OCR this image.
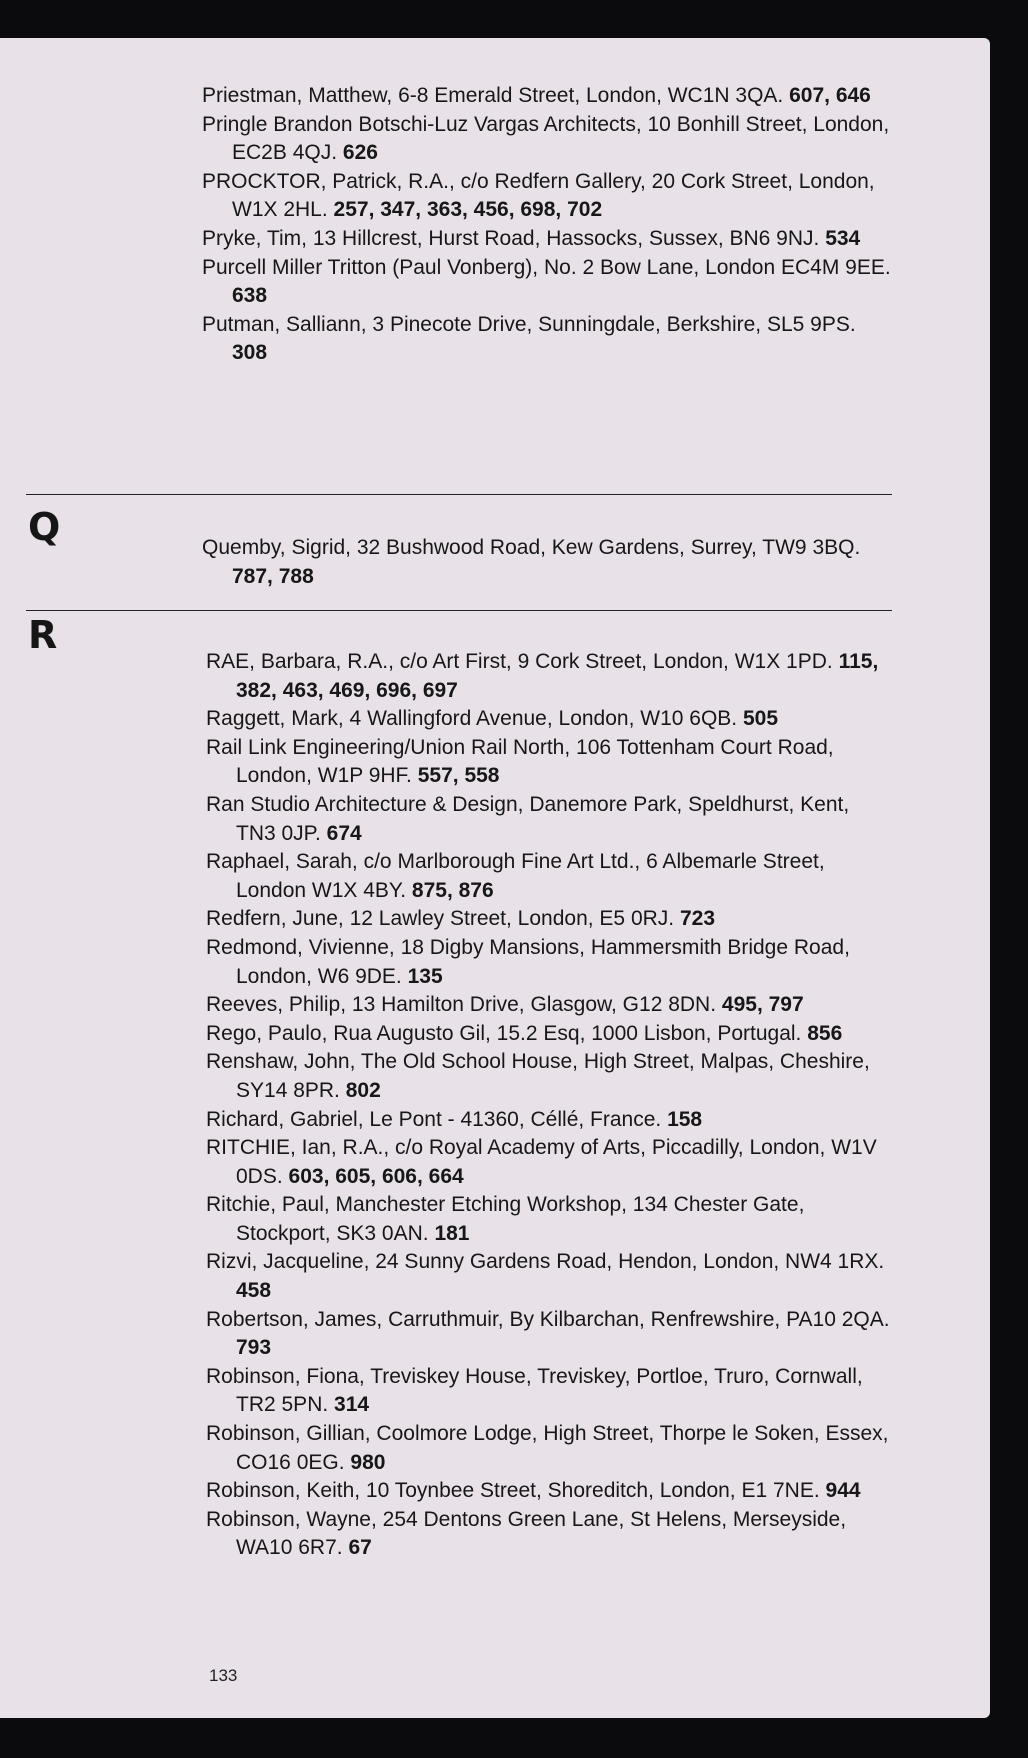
Priestman, Matthew, 6-8 Emerald Street, London, WC1N 3QA. 607, 646
Pringle Brandon Botschi-Luz Vargas Architects, 10 Bonhill Street, London, EC2B 4QJ. 626
PROCKTOR, Patrick, R.A., c/o Redfern Gallery, 20 Cork Street, London, W1X 2HL. 257, 347, 363, 456, 698, 702
Pryke, Tim, 13 Hillcrest, Hurst Road, Hassocks, Sussex, BN6 9NJ. 534
Purcell Miller Tritton (Paul Vonberg), No. 2 Bow Lane, London EC4M 9EE. 638
Putman, Salliann, 3 Pinecote Drive, Sunningdale, Berkshire, SL5 9PS. 308
Q	Quemby, Sigrid, 32 Bushwood Road, Kew Gardens, Surrey, TW9 3BQ. 787, 788
R
RAE, Barbara, R.A., c/o Art First, 9 Cork Street, London, W1X 1PD. 115, 382, 463, 469, 696, 697
Raggett, Mark, 4 Wallingford Avenue, London, W10 6QB. 505
Rail Link Engineering/Union Rail North, 106 Tottenham Court Road, London, W1P 9HF. 557, 558
Ran Studio Architecture & Design, Danemore Park, Speldhurst, Kent, TN3 0JP. 674
Raphael, Sarah, c/o Marlborough Fine Art Ltd., 6 Albemarle Street, London W1X 4BY. 875, 876
Redfern, June, 12 Lawley Street, London, E5 0RJ. 723
Redmond, Vivienne, 18 Digby Mansions, Hammersmith Bridge Road, London, W6 9DE. 135
Reeves, Philip, 13 Hamilton Drive, Glasgow, G12 8DN. 495, 797
Rego, Paulo, Rua Augusto Gil, 15.2 Esq, 1000 Lisbon, Portugal. 856
Renshaw, John, The Old School House, High Street, Malpas, Cheshire, SY14 8PR. 802
Richard, Gabriel, Le Pont - 41360, Céllé, France. 158
RITCHIE, Ian, R.A., c/o Royal Academy of Arts, Piccadilly, London, W1V 0DS. 603, 605, 606, 664
Ritchie, Paul, Manchester Etching Workshop, 134 Chester Gate, Stockport, SK3 0AN. 181
Rizvi, Jacqueline, 24 Sunny Gardens Road, Hendon, London, NW4 1RX. 458
Robertson, James, Carruthmuir, By Kilbarchan, Renfrewshire, PA10 2QA. 793
Robinson, Fiona, Treviskey House, Treviskey, Portloe, Truro, Cornwall, TR2 5PN. 314
Robinson, Gillian, Coolmore Lodge, High Street, Thorpe le Soken, Essex, CO16 0EG. 980
Robinson, Keith, 10 Toynbee Street, Shoreditch, London, E1 7NE. 944
Robinson, Wayne, 254 Dentons Green Lane, St Helens, Merseyside, WA10 6R7. 67
133
